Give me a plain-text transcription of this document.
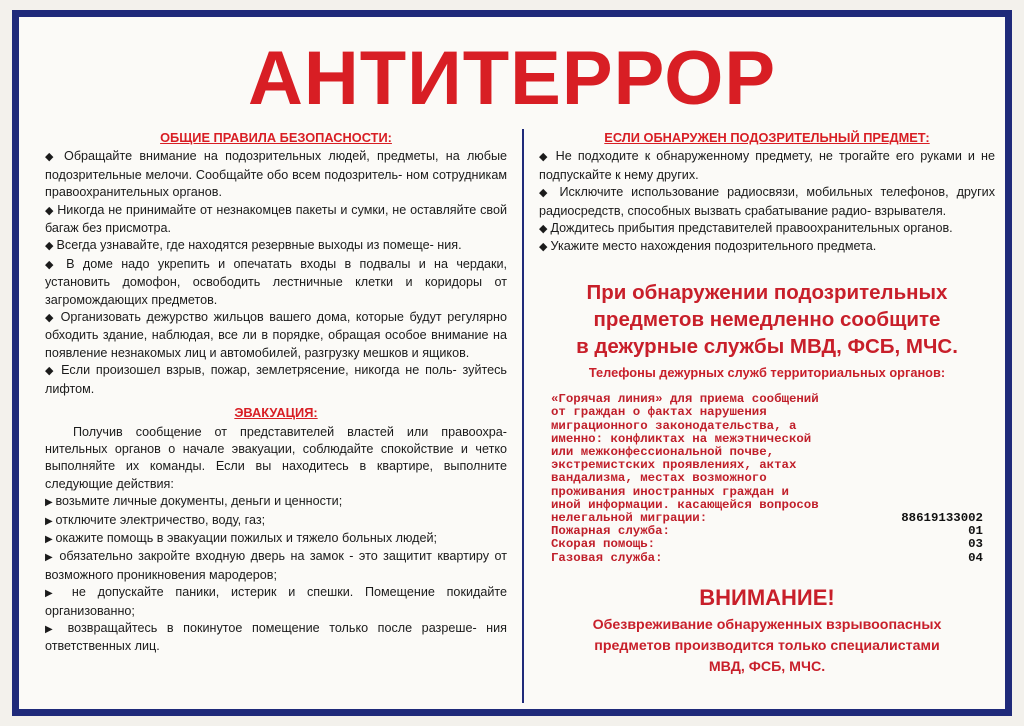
АНТИТЕРРОР
ОБЩИЕ ПРАВИЛА БЕЗОПАСНОСТИ:

◆ Обращайте внимание на подозрительных людей, предметы, на любые подозрительные мелочи. Сообщайте обо всем подозритель- ном сотрудникам правоохранительных органов.

◆ Никогда не принимайте от незнакомцев пакеты и сумки, не оставляйте свой багаж без присмотра.

◆ Всегда узнавайте, где находятся резервные выходы из помеще- ния.

◆ В доме надо укрепить и опечатать входы в подвалы и на чердаки, установить домофон, освободить лестничные клетки и коридоры от загромождающих предметов.

◆ Организовать дежурство жильцов вашего дома, которые будут регулярно обходить здание, наблюдая, все ли в порядке, обращая особое внимание на появление незнакомых лиц и автомобилей, разгрузку мешков и ящиков.

◆ Если произошел взрыв, пожар, землетрясение, никогда не поль- зуйтесь лифтом.

ЭВАКУАЦИЯ:

Получив сообщение от представителей властей или правоохра- нительных органов о начале эвакуации, соблюдайте спокойствие и четко выполняйте их команды. Если вы находитесь в квартире, выполните следующие действия:

▶ возьмите личные документы, деньги и ценности;

▶ отключите электричество, воду, газ;

▶ окажите помощь в эвакуации пожилых и тяжело больных людей;

▶ обязательно закройте входную дверь на замок - это защитит квартиру от возможного проникновения мародеров;

▶ не допускайте паники, истерик и спешки. Помещение покидайте организованно;

▶ возвращайтесь в покинутое помещение только после разреше- ния ответственных лиц.

ЕСЛИ ОБНАРУЖЕН ПОДОЗРИТЕЛЬНЫЙ ПРЕДМЕТ:

◆ Не подходите к обнаруженному предмету, не трогайте его руками и не подпускайте к нему других.

◆ Исключите использование радиосвязи, мобильных телефонов, других радиосредств, способных вызвать срабатывание радио- взрывателя.

◆ Дождитесь прибытия представителей правоохранительных органов.

◆ Укажите место нахождения подозрительного предмета.

При обнаружении подозрительных
предметов немедленно сообщите
в дежурные службы МВД, ФСБ, МЧС.
Телефоны дежурных служб территориальных органов:
«Горячая линия» для приема сообщений
от граждан о фактах нарушения
миграционного законодательства, а
именно: конфликтах на межэтнической
или межконфессиональной почве,
экстремистских проявлениях, актах
вандализма, местах возможного
проживания иностранных граждан и
иной информации. касающейся вопросов
нелегальной миграции:	88619133002
Пожарная служба:	01
Скорая помощь:	03
Газовая служба:	04
ВНИМАНИЕ!
Обезвреживание обнаруженных взрывоопасных
предметов производится только специалистами
МВД, ФСБ, МЧС.
